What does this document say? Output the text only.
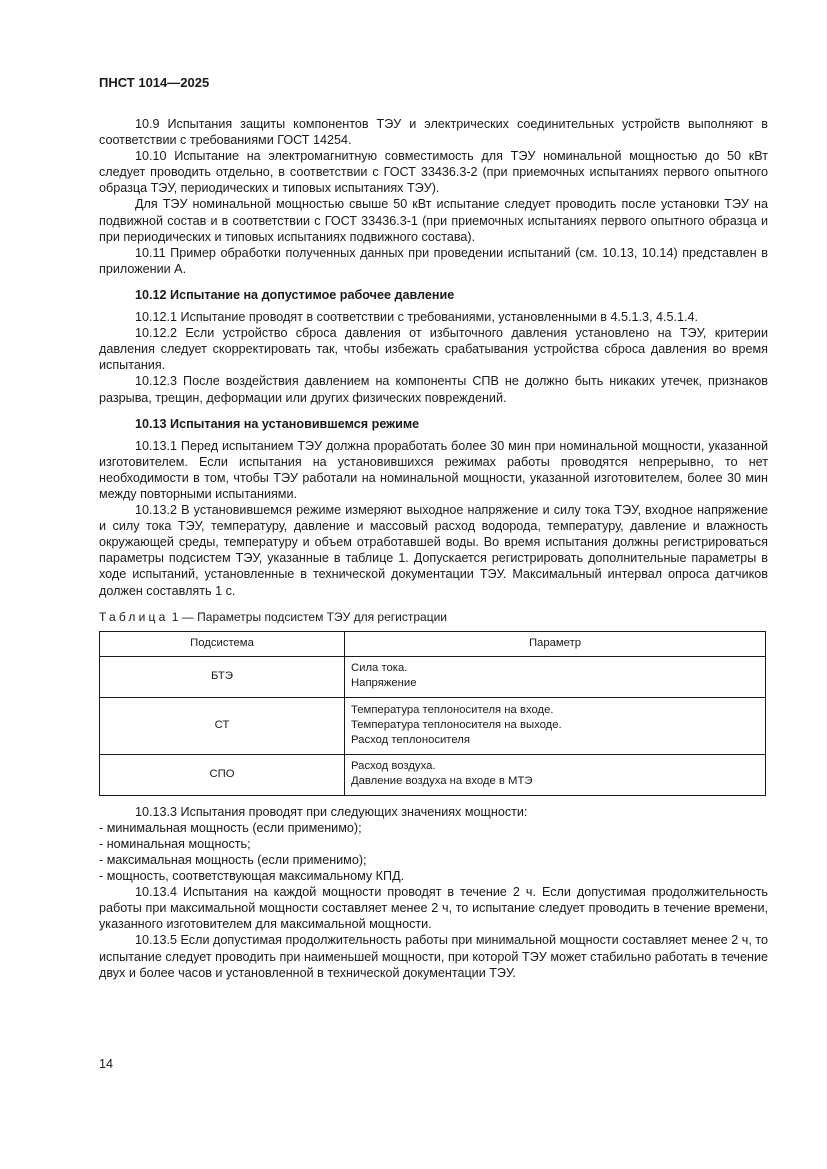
ПНСТ 1014—2025

10.9 Испытания защиты компонентов ТЭУ и электрических соединительных устройств выполняют в соответствии с требованиями ГОСТ 14254.

10.10 Испытание на электромагнитную совместимость для ТЭУ номинальной мощностью до 50 кВт следует проводить отдельно, в соответствии с ГОСТ 33436.3-2 (при приемочных испытаниях первого опытного образца ТЭУ, периодических и типовых испытаниях ТЭУ).

Для ТЭУ номинальной мощностью свыше 50 кВт испытание следует проводить после установки ТЭУ на подвижной состав и в соответствии с ГОСТ 33436.3-1 (при приемочных испытаниях первого опытного образца и при периодических и типовых испытаниях подвижного состава).

10.11 Пример обработки полученных данных при проведении испытаний (см. 10.13, 10.14) представлен в приложении А.

10.12 Испытание на допустимое рабочее давление

10.12.1 Испытание проводят в соответствии с требованиями, установленными в 4.5.1.3, 4.5.1.4.

10.12.2 Если устройство сброса давления от избыточного давления установлено на ТЭУ, критерии давления следует скорректировать так, чтобы избежать срабатывания устройства сброса давления во время испытания.

10.12.3 После воздействия давлением на компоненты СПВ не должно быть никаких утечек, признаков разрыва, трещин, деформации или других физических повреждений.

10.13 Испытания на установившемся режиме

10.13.1 Перед испытанием ТЭУ должна проработать более 30 мин при номинальной мощности, указанной изготовителем. Если испытания на установившихся режимах работы проводятся непрерывно, то нет необходимости в том, чтобы ТЭУ работали на номинальной мощности, указанной изготовителем, более 30 мин между повторными испытаниями.

10.13.2 В установившемся режиме измеряют выходное напряжение и силу тока ТЭУ, входное напряжение и силу тока ТЭУ, температуру, давление и массовый расход водорода, температуру, давление и влажность окружающей среды, температуру и объем отработавшей воды. Во время испытания должны регистрироваться параметры подсистем ТЭУ, указанные в таблице 1. Допускается регистрировать дополнительные параметры в ходе испытаний, установленные в технической документации ТЭУ. Максимальный интервал опроса датчиков должен составлять 1 с.

Таблица 1 — Параметры подсистем ТЭУ для регистрации
Подсистема	Параметр
БТЭ	Сила тока.
Напряжение

СТ	Температура теплоносителя на входе.
Температура теплоносителя на выходе.
Расход теплоносителя

СПО	Расход воздуха.
Давление воздуха на входе в МТЭ

10.13.3 Испытания проводят при следующих значениях мощности:

- минимальная мощность (если применимо);

- номинальная мощность;

- максимальная мощность (если применимо);

- мощность, соответствующая максимальному КПД.

10.13.4 Испытания на каждой мощности проводят в течение 2 ч. Если допустимая продолжительность работы при максимальной мощности составляет менее 2 ч, то испытание следует проводить в течение времени, указанного изготовителем для максимальной мощности.

10.13.5 Если допустимая продолжительность работы при минимальной мощности составляет менее 2 ч, то испытание следует проводить при наименьшей мощности, при которой ТЭУ может стабильно работать в течение двух и более часов и установленной в технической документации ТЭУ.

14
